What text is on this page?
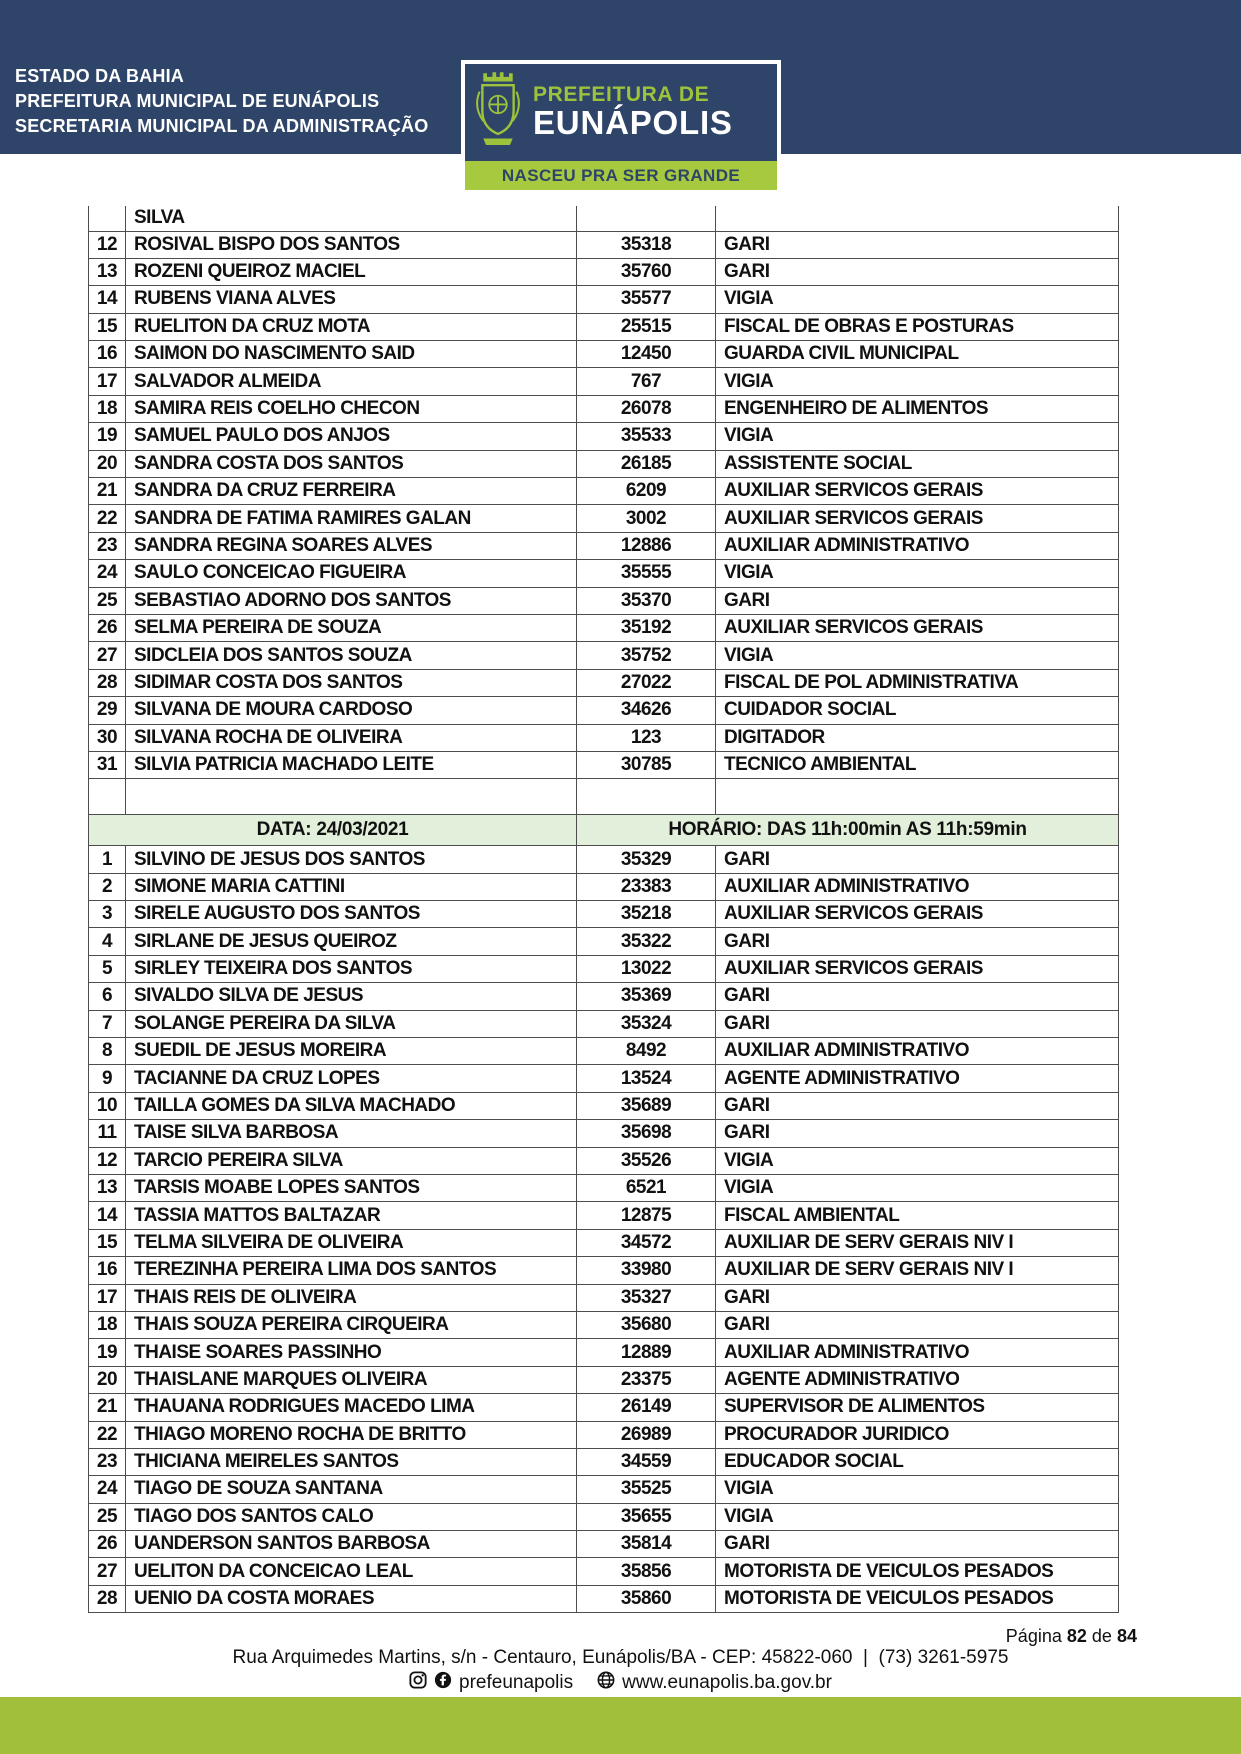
ESTADO DA BAHIA
PREFEITURA MUNICIPAL DE EUNÁPOLIS
SECRETARIA MUNICIPAL DA ADMINISTRAÇÃO
PREFEITURA DE
EUNÁPOLIS
NASCEU PRA SER GRANDE
	SILVA		
12	ROSIVAL BISPO DOS SANTOS	35318	GARI
13	ROZENI QUEIROZ MACIEL	35760	GARI
14	RUBENS VIANA ALVES	35577	VIGIA
15	RUELITON DA CRUZ MOTA	25515	FISCAL DE OBRAS E POSTURAS
16	SAIMON DO NASCIMENTO SAID	12450	GUARDA CIVIL MUNICIPAL
17	SALVADOR ALMEIDA	767	VIGIA
18	SAMIRA REIS COELHO CHECON	26078	ENGENHEIRO DE ALIMENTOS
19	SAMUEL PAULO DOS ANJOS	35533	VIGIA
20	SANDRA COSTA DOS SANTOS	26185	ASSISTENTE SOCIAL
21	SANDRA DA CRUZ FERREIRA	6209	AUXILIAR SERVICOS GERAIS
22	SANDRA DE FATIMA RAMIRES GALAN	3002	AUXILIAR SERVICOS GERAIS
23	SANDRA REGINA SOARES ALVES	12886	AUXILIAR ADMINISTRATIVO
24	SAULO CONCEICAO FIGUEIRA	35555	VIGIA
25	SEBASTIAO ADORNO DOS SANTOS	35370	GARI
26	SELMA PEREIRA DE SOUZA	35192	AUXILIAR SERVICOS GERAIS
27	SIDCLEIA DOS SANTOS SOUZA	35752	VIGIA
28	SIDIMAR COSTA DOS SANTOS	27022	FISCAL DE POL ADMINISTRATIVA
29	SILVANA DE MOURA CARDOSO	34626	CUIDADOR SOCIAL
30	SILVANA ROCHA DE OLIVEIRA	123	DIGITADOR
31	SILVIA PATRICIA MACHADO LEITE	30785	TECNICO AMBIENTAL

DATA: 24/03/2021		HORÁRIO: DAS 11h:00min AS 11h:59min	
1	SILVINO DE JESUS DOS SANTOS	35329	GARI
2	SIMONE MARIA CATTINI	23383	AUXILIAR ADMINISTRATIVO
3	SIRELE AUGUSTO DOS SANTOS	35218	AUXILIAR SERVICOS GERAIS
4	SIRLANE DE JESUS QUEIROZ	35322	GARI
5	SIRLEY TEIXEIRA DOS SANTOS	13022	AUXILIAR SERVICOS GERAIS
6	SIVALDO SILVA DE JESUS	35369	GARI
7	SOLANGE PEREIRA DA SILVA	35324	GARI
8	SUEDIL DE JESUS MOREIRA	8492	AUXILIAR ADMINISTRATIVO
9	TACIANNE DA CRUZ LOPES	13524	AGENTE ADMINISTRATIVO
10	TAILLA GOMES DA SILVA MACHADO	35689	GARI
11	TAISE SILVA BARBOSA	35698	GARI
12	TARCIO PEREIRA SILVA	35526	VIGIA
13	TARSIS MOABE LOPES SANTOS	6521	VIGIA
14	TASSIA MATTOS BALTAZAR	12875	FISCAL AMBIENTAL
15	TELMA SILVEIRA DE OLIVEIRA	34572	AUXILIAR DE SERV GERAIS NIV I
16	TEREZINHA PEREIRA LIMA DOS SANTOS	33980	AUXILIAR DE SERV GERAIS NIV I
17	THAIS REIS DE OLIVEIRA	35327	GARI
18	THAIS SOUZA PEREIRA CIRQUEIRA	35680	GARI
19	THAISE SOARES PASSINHO	12889	AUXILIAR ADMINISTRATIVO
20	THAISLANE MARQUES OLIVEIRA	23375	AGENTE ADMINISTRATIVO
21	THAUANA RODRIGUES MACEDO LIMA	26149	SUPERVISOR DE ALIMENTOS
22	THIAGO MORENO ROCHA DE BRITTO	26989	PROCURADOR JURIDICO
23	THICIANA MEIRELES SANTOS	34559	EDUCADOR SOCIAL
24	TIAGO DE SOUZA SANTANA	35525	VIGIA
25	TIAGO DOS SANTOS CALO	35655	VIGIA
26	UANDERSON SANTOS BARBOSA	35814	GARI
27	UELITON DA CONCEICAO LEAL	35856	MOTORISTA DE VEICULOS PESADOS
28	UENIO DA COSTA MORAES	35860	MOTORISTA DE VEICULOS PESADOS
Página 82 de 84
Rua Arquimedes Martins, s/n - Centauro, Eunápolis/BA - CEP: 45822-060  |  (73) 3261-5975
prefeunapolis	www.eunapolis.ba.gov.br
